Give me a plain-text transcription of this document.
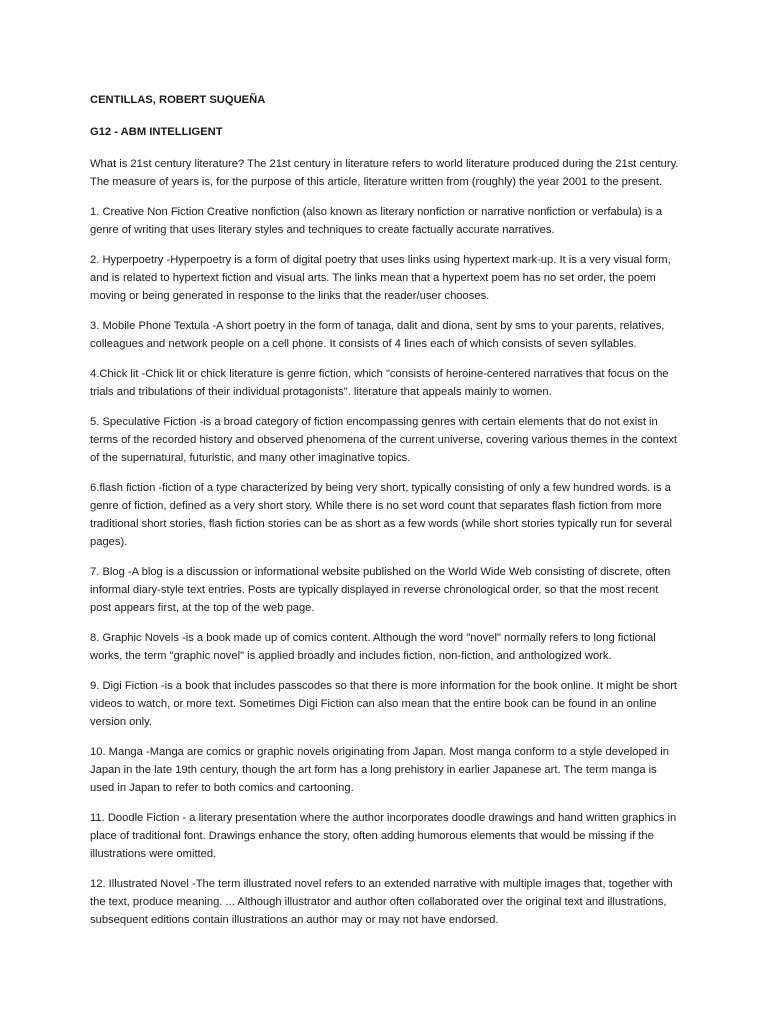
CENTILLAS, ROBERT SUQUEÑA

G12 - ABM INTELLIGENT

What is 21st century literature? The 21st century in literature refers to world literature produced during the 21st century. The measure of years is, for the purpose of this article, literature written from (roughly) the year 2001 to the present.

1. Creative Non Fiction Creative nonfiction (also known as literary nonfiction or narrative nonfiction or verfabula) is a genre of writing that uses literary styles and techniques to create factually accurate narratives.

2. Hyperpoetry -Hyperpoetry is a form of digital poetry that uses links using hypertext mark-up. It is a very visual form, and is related to hypertext fiction and visual arts. The links mean that a hypertext poem has no set order, the poem moving or being generated in response to the links that the reader/user chooses.

3. Mobile Phone Textula -A short poetry in the form of tanaga, dalit and diona, sent by sms to your parents, relatives, colleagues and network people on a cell phone. It consists of 4 lines each of which consists of seven syllables.

4.Chick lit -Chick lit or chick literature is genre fiction, which "consists of heroine-centered narratives that focus on the trials and tribulations of their individual protagonists". literature that appeals mainly to women.

5. Speculative Fiction -is a broad category of fiction encompassing genres with certain elements that do not exist in terms of the recorded history and observed phenomena of the current universe, covering various themes in the context of the supernatural, futuristic, and many other imaginative topics.

6.flash fiction -fiction of a type characterized by being very short, typically consisting of only a few hundred words. is a genre of fiction, defined as a very short story. While there is no set word count that separates flash fiction from more traditional short stories, flash fiction stories can be as short as a few words (while short stories typically run for several pages).

7. Blog -A blog is a discussion or informational website published on the World Wide Web consisting of discrete, often informal diary-style text entries. Posts are typically displayed in reverse chronological order, so that the most recent post appears first, at the top of the web page.

8. Graphic Novels -is a book made up of comics content. Although the word "novel" normally refers to long fictional works, the term "graphic novel" is applied broadly and includes fiction, non-fiction, and anthologized work.

9. Digi Fiction -is a book that includes passcodes so that there is more information for the book online. It might be short videos to watch, or more text. Sometimes Digi Fiction can also mean that the entire book can be found in an online version only.

10. Manga -Manga are comics or graphic novels originating from Japan. Most manga conform to a style developed in Japan in the late 19th century, though the art form has a long prehistory in earlier Japanese art. The term manga is used in Japan to refer to both comics and cartooning.

11. Doodle Fiction - a literary presentation where the author incorporates doodle drawings and hand written graphics in place of traditional font. Drawings enhance the story, often adding humorous elements that would be missing if the illustrations were omitted.

12. Illustrated Novel -The term illustrated novel refers to an extended narrative with multiple images that, together with the text, produce meaning. ... Although illustrator and author often collaborated over the original text and illustrations, subsequent editions contain illustrations an author may or may not have endorsed.
